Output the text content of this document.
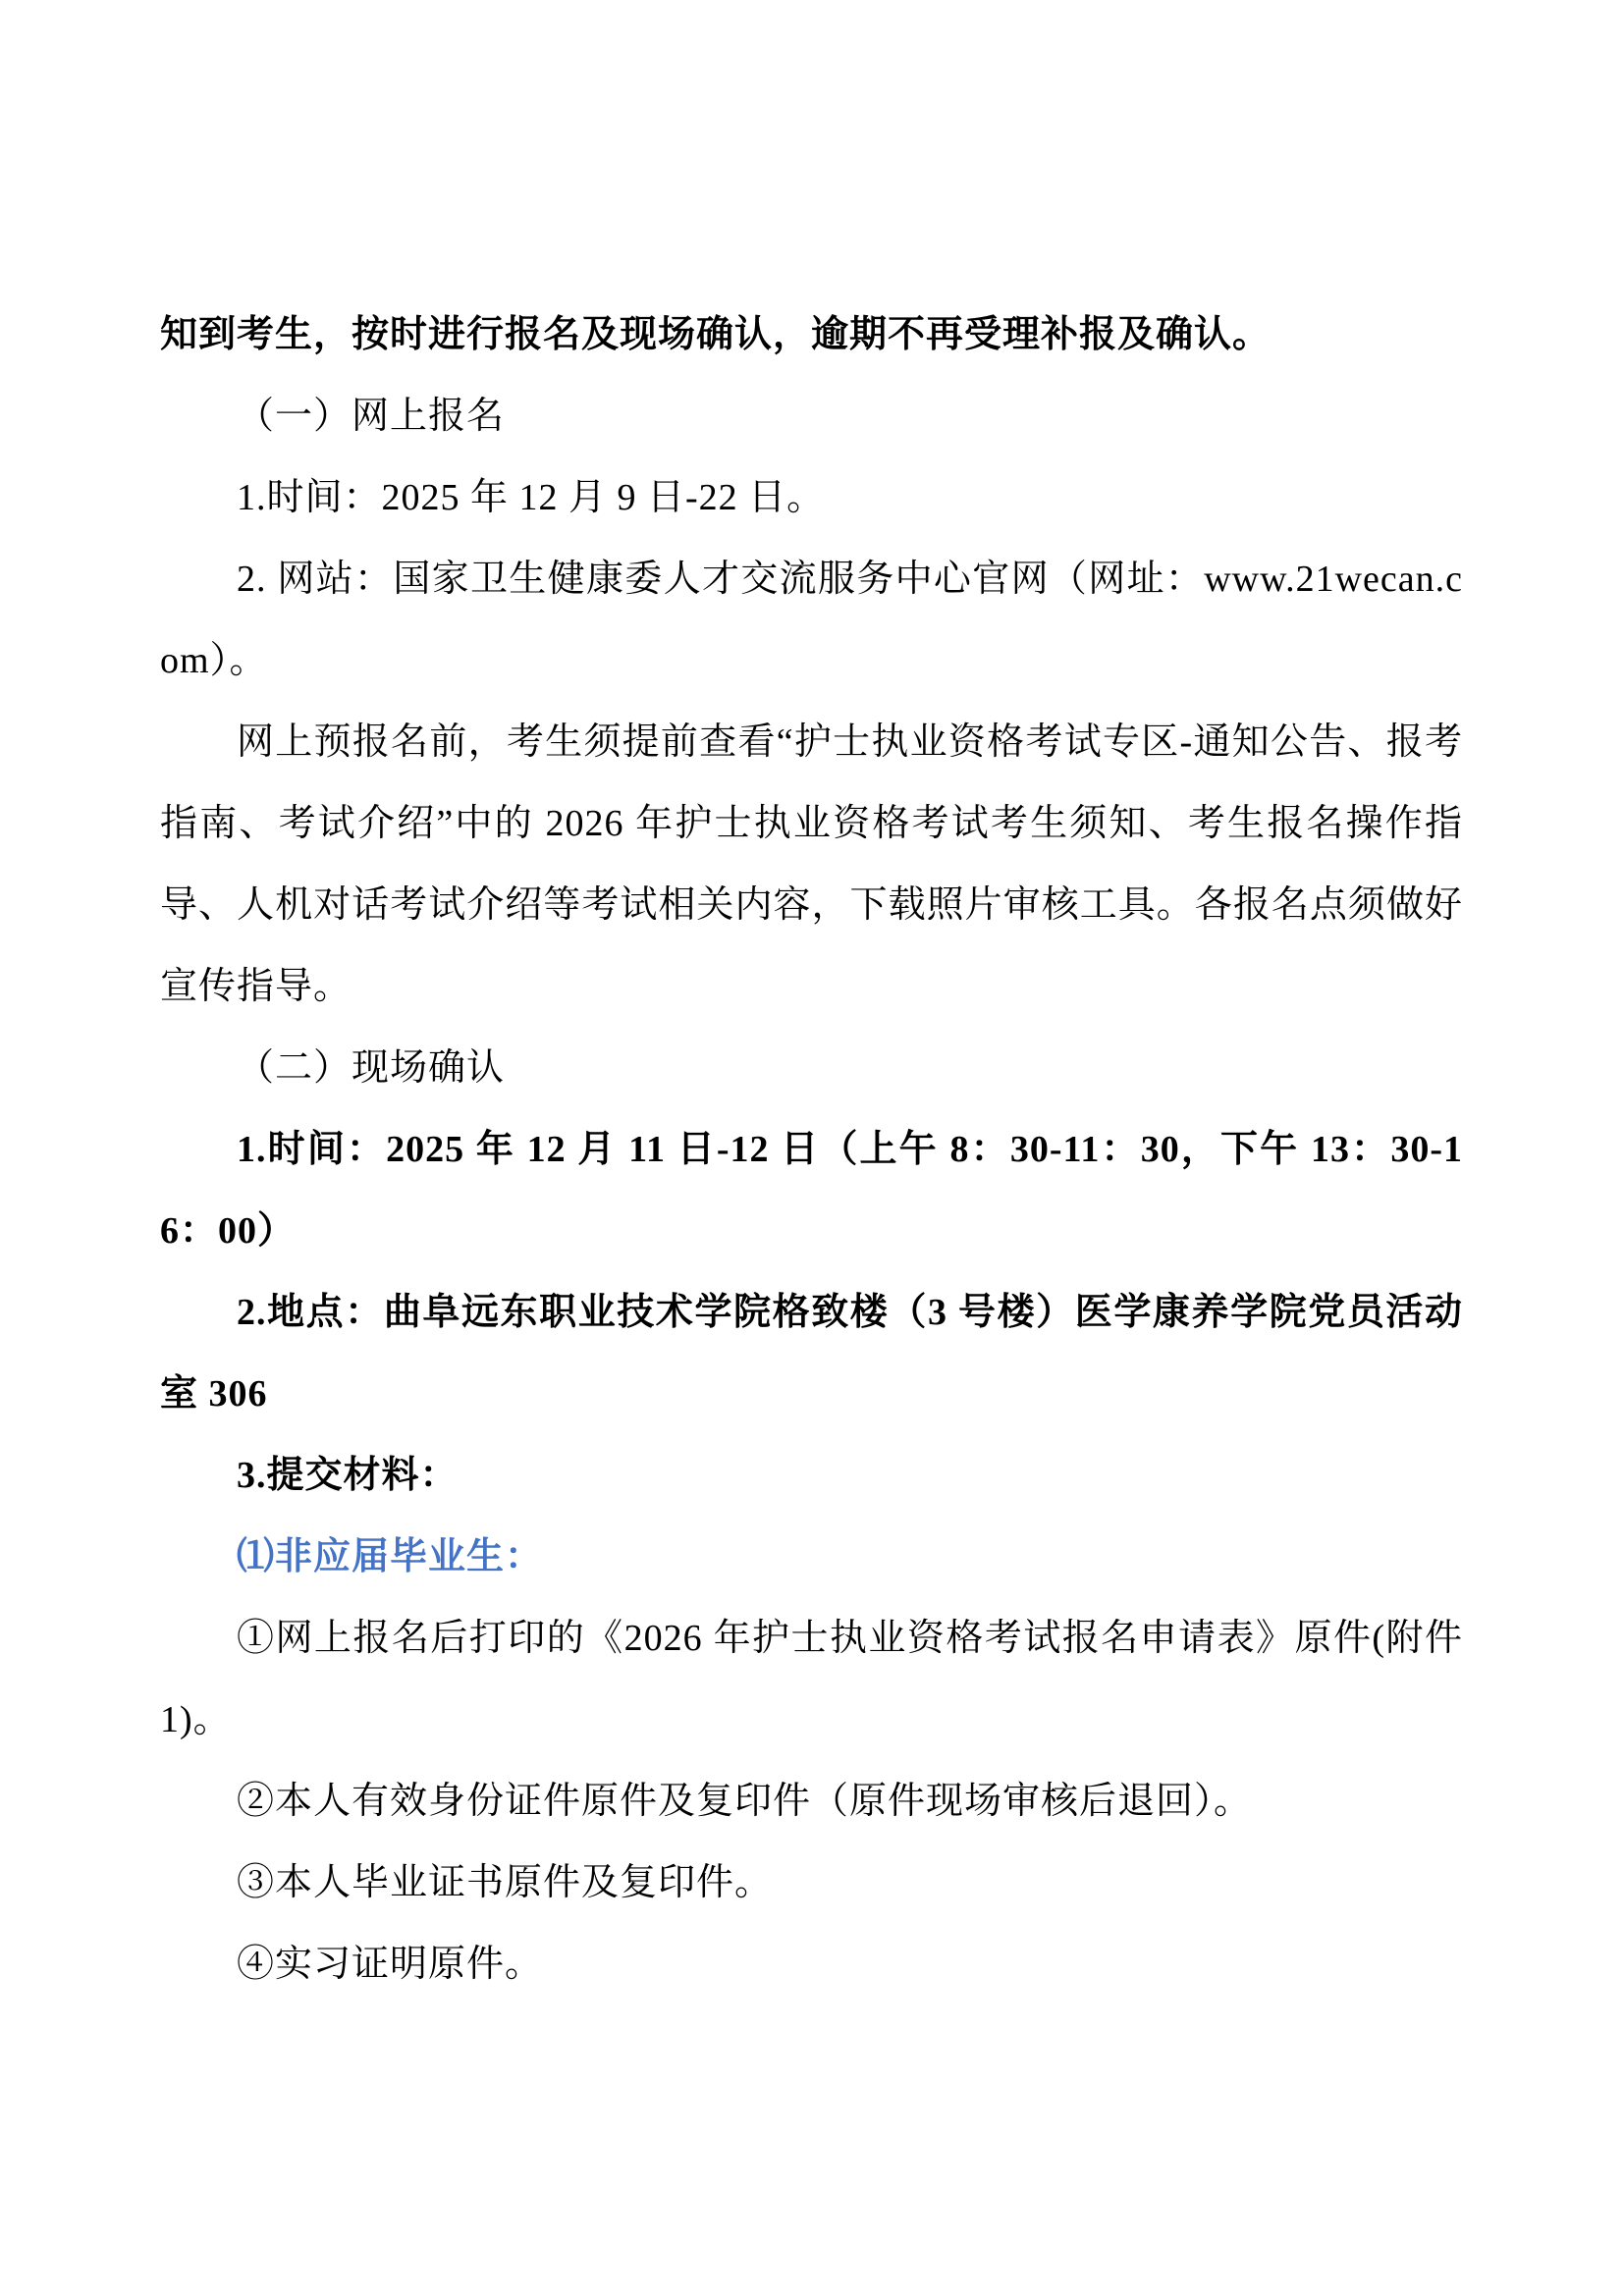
知到考生，按时进行报名及现场确认，逾期不再受理补报及确认。

（一）网上报名

1.时间：2025 年 12 月 9 日-22 日。

2. 网站：国家卫生健康委人才交流服务中心官网（网址：www.21wecan.com）。

网上预报名前，考生须提前查看“护士执业资格考试专区-通知公告、报考指南、考试介绍”中的 2026 年护士执业资格考试考生须知、考生报名操作指导、人机对话考试介绍等考试相关内容，下载照片审核工具。各报名点须做好宣传指导。

（二）现场确认

1.时间：2025 年 12 月 11 日-12 日（上午 8：30-11：30，下午 13：30-16：00）

2.地点：曲阜远东职业技术学院格致楼（3 号楼）医学康养学院党员活动室 306

3.提交材料：

⑴非应届毕业生：

①网上报名后打印的《2026 年护士执业资格考试报名申请表》原件(附件 1)。

②本人有效身份证件原件及复印件（原件现场审核后退回）。

③本人毕业证书原件及复印件。

④实习证明原件。
